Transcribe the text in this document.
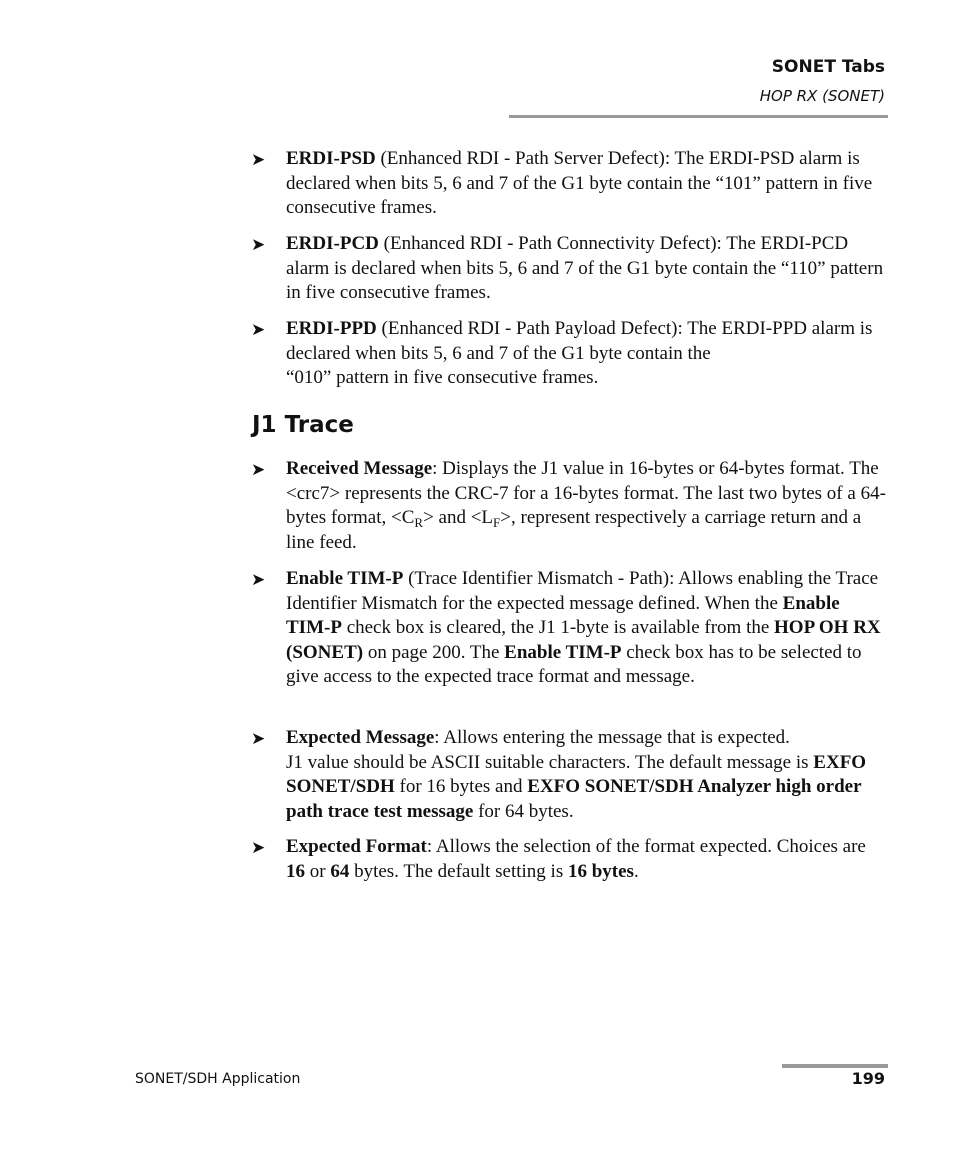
SONET Tabs
HOP RX (SONET)
➤ ERDI-PSD (Enhanced RDI - Path Server Defect): The ERDI-PSD alarm is declared when bits 5, 6 and 7 of the G1 byte contain the “101” pattern in five consecutive frames.
➤ ERDI-PCD (Enhanced RDI - Path Connectivity Defect): The ERDI-PCD alarm is declared when bits 5, 6 and 7 of the G1 byte contain the “110” pattern in five consecutive frames.
➤ ERDI-PPD (Enhanced RDI - Path Payload Defect): The ERDI-PPD alarm is declared when bits 5, 6 and 7 of the G1 byte contain the
“010” pattern in five consecutive frames.
J1 Trace
➤ Received Message: Displays the J1 value in 16-bytes or 64-bytes format. The <crc7> represents the CRC-7 for a 16-bytes format. The last two bytes of a 64-bytes format, $<C_R>$ and $<L_F>$, represent respectively a carriage return and a line feed.
➤ Enable TIM-P (Trace Identifier Mismatch - Path): Allows enabling the Trace Identifier Mismatch for the expected message defined. When the Enable TIM-P check box is cleared, the J1 1-byte is available from the HOP OH RX (SONET) on page 200. The Enable TIM-P check box has to be selected to give access to the expected trace format and message.
➤ Expected Message: Allows entering the message that is expected.
J1 value should be ASCII suitable characters. The default message is EXFO SONET/SDH for 16 bytes and EXFO SONET/SDH Analyzer high order path trace test message for 64 bytes.
➤ Expected Format: Allows the selection of the format expected. Choices are 16 or 64 bytes. The default setting is 16 bytes.
SONET/SDH Application	199
